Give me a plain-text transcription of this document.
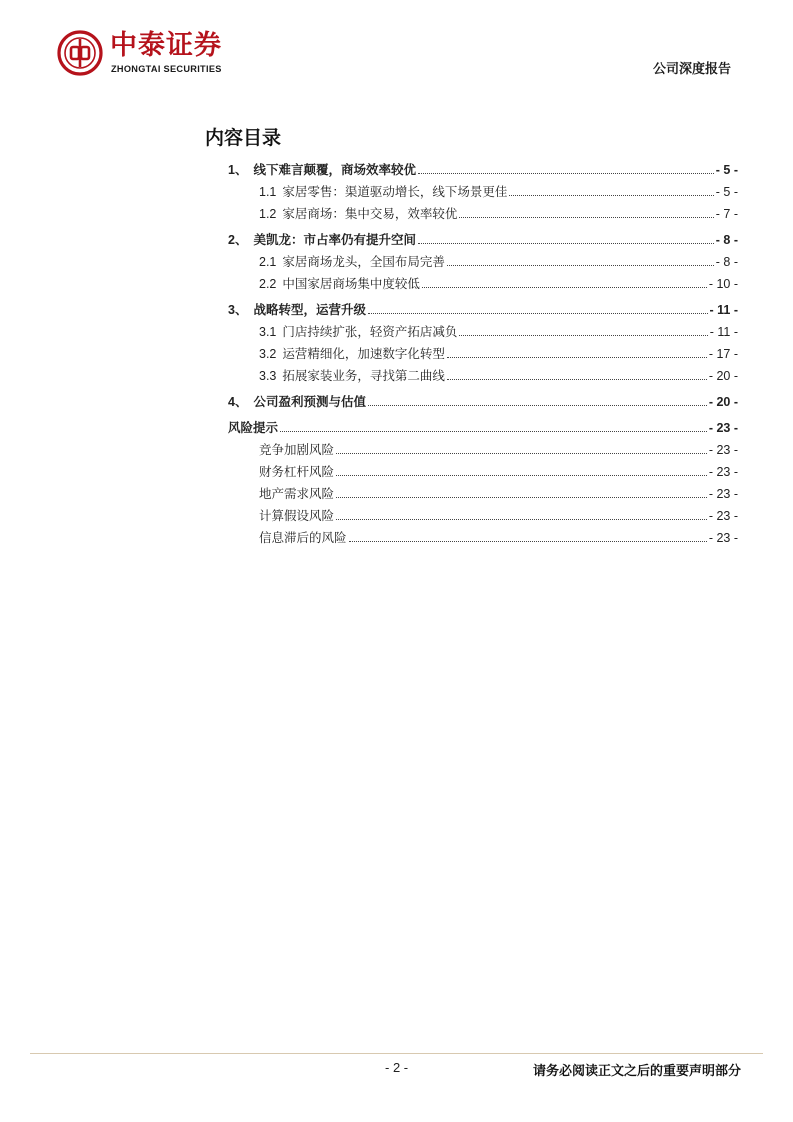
中泰证券
ZHONGTAI SECURITIES	公司深度报告
内容目录
1、 线下难言颠覆，商场效率较优	- 5 -
1.1 家居零售：渠道驱动增长，线下场景更佳	- 5 -
1.2 家居商场：集中交易，效率较优	- 7 -
2、 美凯龙：市占率仍有提升空间	- 8 -
2.1 家居商场龙头，全国布局完善	- 8 -
2.2 中国家居商场集中度较低	- 10 -
3、 战略转型，运营升级	- 11 -
3.1 门店持续扩张，轻资产拓店减负	- 11 -
3.2 运营精细化，加速数字化转型	- 17 -
3.3 拓展家装业务，寻找第二曲线	- 20 -
4、 公司盈利预测与估值	- 20 -
风险提示	- 23 -
竞争加剧风险	- 23 -
财务杠杆风险	- 23 -
地产需求风险	- 23 -
计算假设风险	- 23 -
信息滞后的风险	- 23 -
- 2 -	请务必阅读正文之后的重要声明部分
